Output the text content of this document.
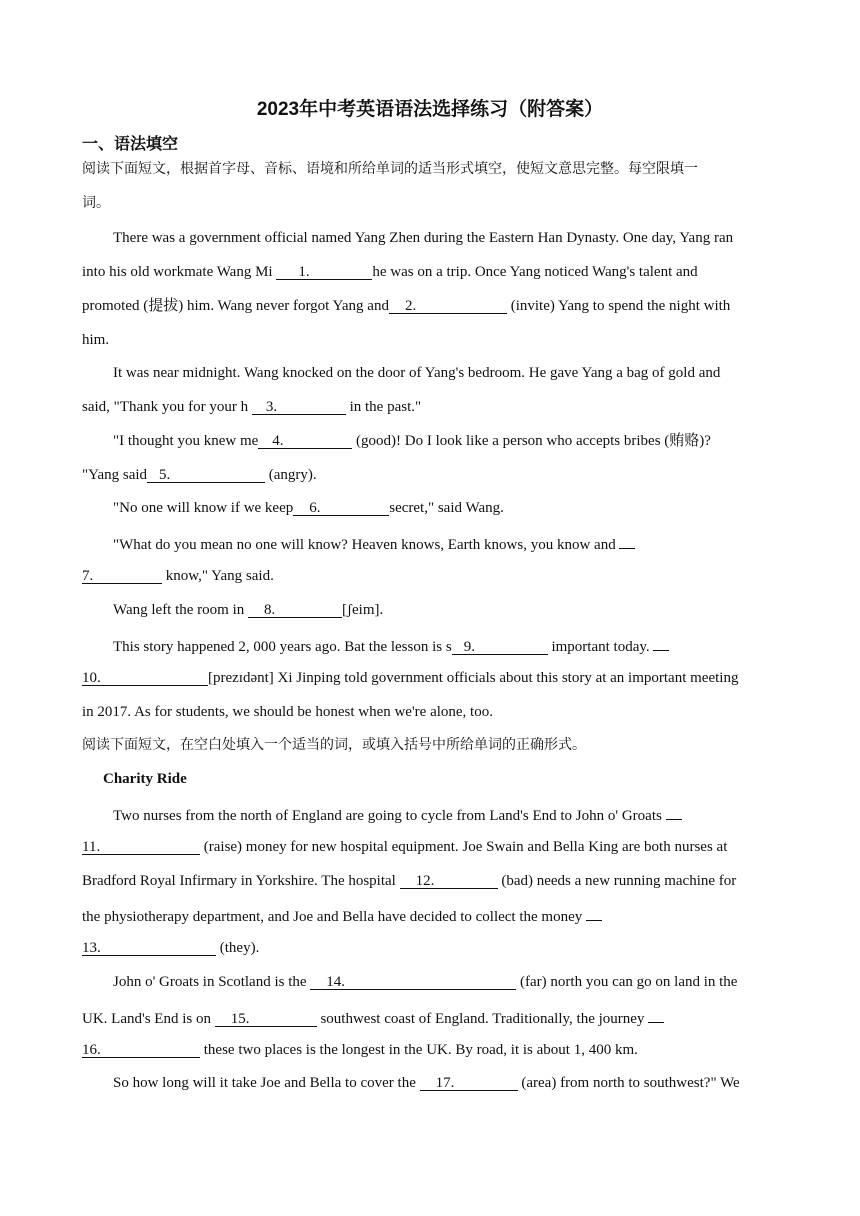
2023年中考英语语法选择练习（附答案）
一、语法填空
阅读下面短文，根据首字母、音标、语境和所给单词的适当形式填空，使短文意思完整。每空限填一
词。
There was a government official named Yang Zhen during the Eastern Han Dynasty. One day, Yang ran
into his old workmate Wang Mi 1.	he was on a trip. Once Yang noticed Wang's talent and
promoted (提拔) him. Wang never forgot Yang and 2.	(invite) Yang to spend the night with
him.
It was near midnight. Wang knocked on the door of Yang's bedroom. He gave Yang a bag of gold and
said, "Thank you for your h 3.	in the past."
"I thought you knew me 4.	(good)! Do I look like a person who accepts bribes (贿赂)?
"Yang said 5.	(angry).
"No one will know if we keep 6.	secret," said Wang.
"What do you mean no one will know? Heaven knows, Earth knows, you know and
7.	know," Yang said.
Wang left the room in 8.	[ʃeim].
This story happened 2, 000 years ago. Bat the lesson is s 9.	important today.
10.	[prezɪdənt] Xi Jinping told government officials about this story at an important meeting
in 2017. As for students, we should be honest when we're alone, too.
阅读下面短文，在空白处填入一个适当的词，或填入括号中所给单词的正确形式。
Charity Ride
Two nurses from the north of England are going to cycle from Land's End to John o' Groats
11.	(raise) money for new hospital equipment. Joe Swain and Bella King are both nurses at
Bradford Royal Infirmary in Yorkshire. The hospital 12.	(bad) needs a new running machine for
the physiotherapy department, and Joe and Bella have decided to collect the money
13.	(they).
John o' Groats in Scotland is the 14.	(far) north you can go on land in the
UK. Land's End is on 15.	southwest coast of England. Traditionally, the journey
16.	these two places is the longest in the UK. By road, it is about 1, 400 km.
So how long will it take Joe and Bella to cover the 17.	(area) from north to southwest?" We
